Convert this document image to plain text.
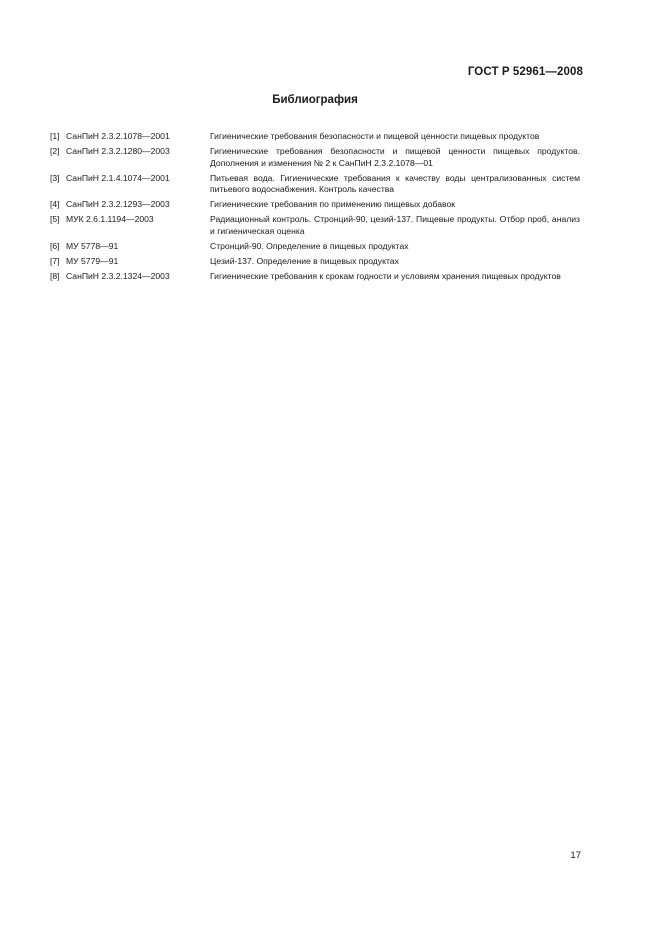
ГОСТ Р 52961—2008
Библиография
[1] СанПиН 2.3.2.1078—2001	Гигиенические требования безопасности и пищевой ценности пищевых продуктов
[2] СанПиН 2.3.2.1280—2003	Гигиенические требования безопасности и пищевой ценности пищевых продуктов. Дополнения и изменения № 2 к СанПиН 2.3.2.1078—01
[3] СанПиН 2.1.4.1074—2001	Питьевая вода. Гигиенические требования к качеству воды централизованных систем питьевого водоснабжения. Контроль качества
[4] СанПиН 2.3.2.1293—2003	Гигиенические требования по применению пищевых добавок
[5] МУК 2.6.1.1194—2003	Радиационный контроль. Стронций-90, цезий-137. Пищевые продукты. Отбор проб, анализ и гигиеническая оценка
[6] МУ 5778—91	Стронций-90. Определение в пищевых продуктах
[7] МУ 5779—91	Цезий-137. Определение в пищевых продуктах
[8] СанПиН 2.3.2.1324—2003	Гигиенические требования к срокам годности и условиям хранения пищевых продуктов
17
